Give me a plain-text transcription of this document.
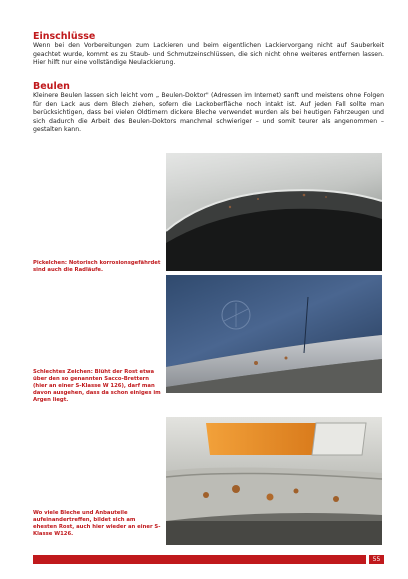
Einschlüsse

Wenn bei den Vorbereitungen zum Lackieren und beim eigentlichen Lackiervorgang nicht auf Sauberkeit geachtet wurde, kommt es zu Staub- und Schmutzeinschlüssen, die sich nicht ohne weiteres entfernen lassen. Hier hilft nur eine vollständige Neulackierung.

Beulen

Kleinere Beulen lassen sich leicht vom „ Beulen-Doktor" (Adressen im Internet) sanft und meistens ohne Folgen für den Lack aus dem Blech ziehen, sofern die Lackoberfläche noch intakt ist. Auf jeden Fall sollte man berücksichtigen, dass bei vielen Oldtimern dickere Bleche verwendet wurden als bei heutigen Fahrzeugen und sich dadurch die Arbeit des Beulen-Doktors manchmal schwieriger – und somit teurer als angenommen – gestalten kann.

Pickelchen: Notorisch korrosionsgefährdet sind auch die Radläufe.

Schlechtes Zeichen: Blüht der Rost etwa über den so genannten Sacco-Brettern (hier an einer S-Klasse W 126), darf man davon ausgehen, dass da schon einiges im Argen liegt.

Wo viele Bleche und Anbauteile aufeinandertreffen, bildet sich am ehesten Rost, auch hier wieder an einer S-Klasse W126.

55
